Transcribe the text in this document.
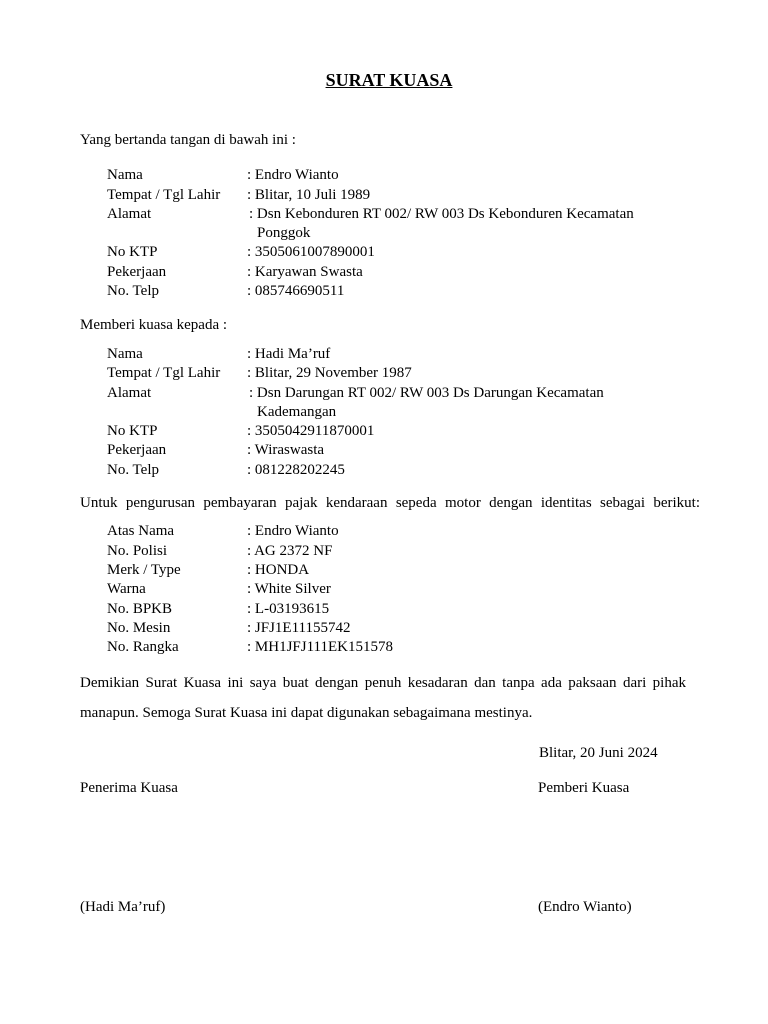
SURAT KUASA
Yang bertanda tangan di bawah ini :
Nama	: Endro Wianto
Tempat / Tgl Lahir : Blitar, 10 Juli 1989
Alamat	: Dsn Kebonduren RT 002/ RW 003 Ds Kebonduren Kecamatan
Ponggok
No KTP	: 3505061007890001
Pekerjaan	: Karyawan Swasta
No. Telp	: 085746690511
Memberi kuasa kepada :
Nama	: Hadi Ma’ruf
Tempat / Tgl Lahir : Blitar, 29 November 1987
Alamat	: Dsn Darungan RT 002/ RW 003 Ds Darungan Kecamatan
Kademangan
No KTP	: 3505042911870001
Pekerjaan	: Wiraswasta
No. Telp	: 081228202245
Untuk pengurusan pembayaran pajak kendaraan sepeda motor dengan identitas sebagai berikut:
Atas Nama	: Endro Wianto
No. Polisi	: AG 2372 NF
Merk / Type	: HONDA
Warna	: White Silver
No. BPKB	: L-03193615
No. Mesin	: JFJ1E11155742
No. Rangka	: MH1JFJ111EK151578
Demikian Surat Kuasa ini saya buat dengan penuh kesadaran dan tanpa ada paksaan dari pihak manapun. Semoga Surat Kuasa ini dapat digunakan sebagaimana mestinya.
Blitar, 20 Juni 2024
Penerima Kuasa	Pemberi Kuasa
(Hadi Ma’ruf)	(Endro Wianto)
